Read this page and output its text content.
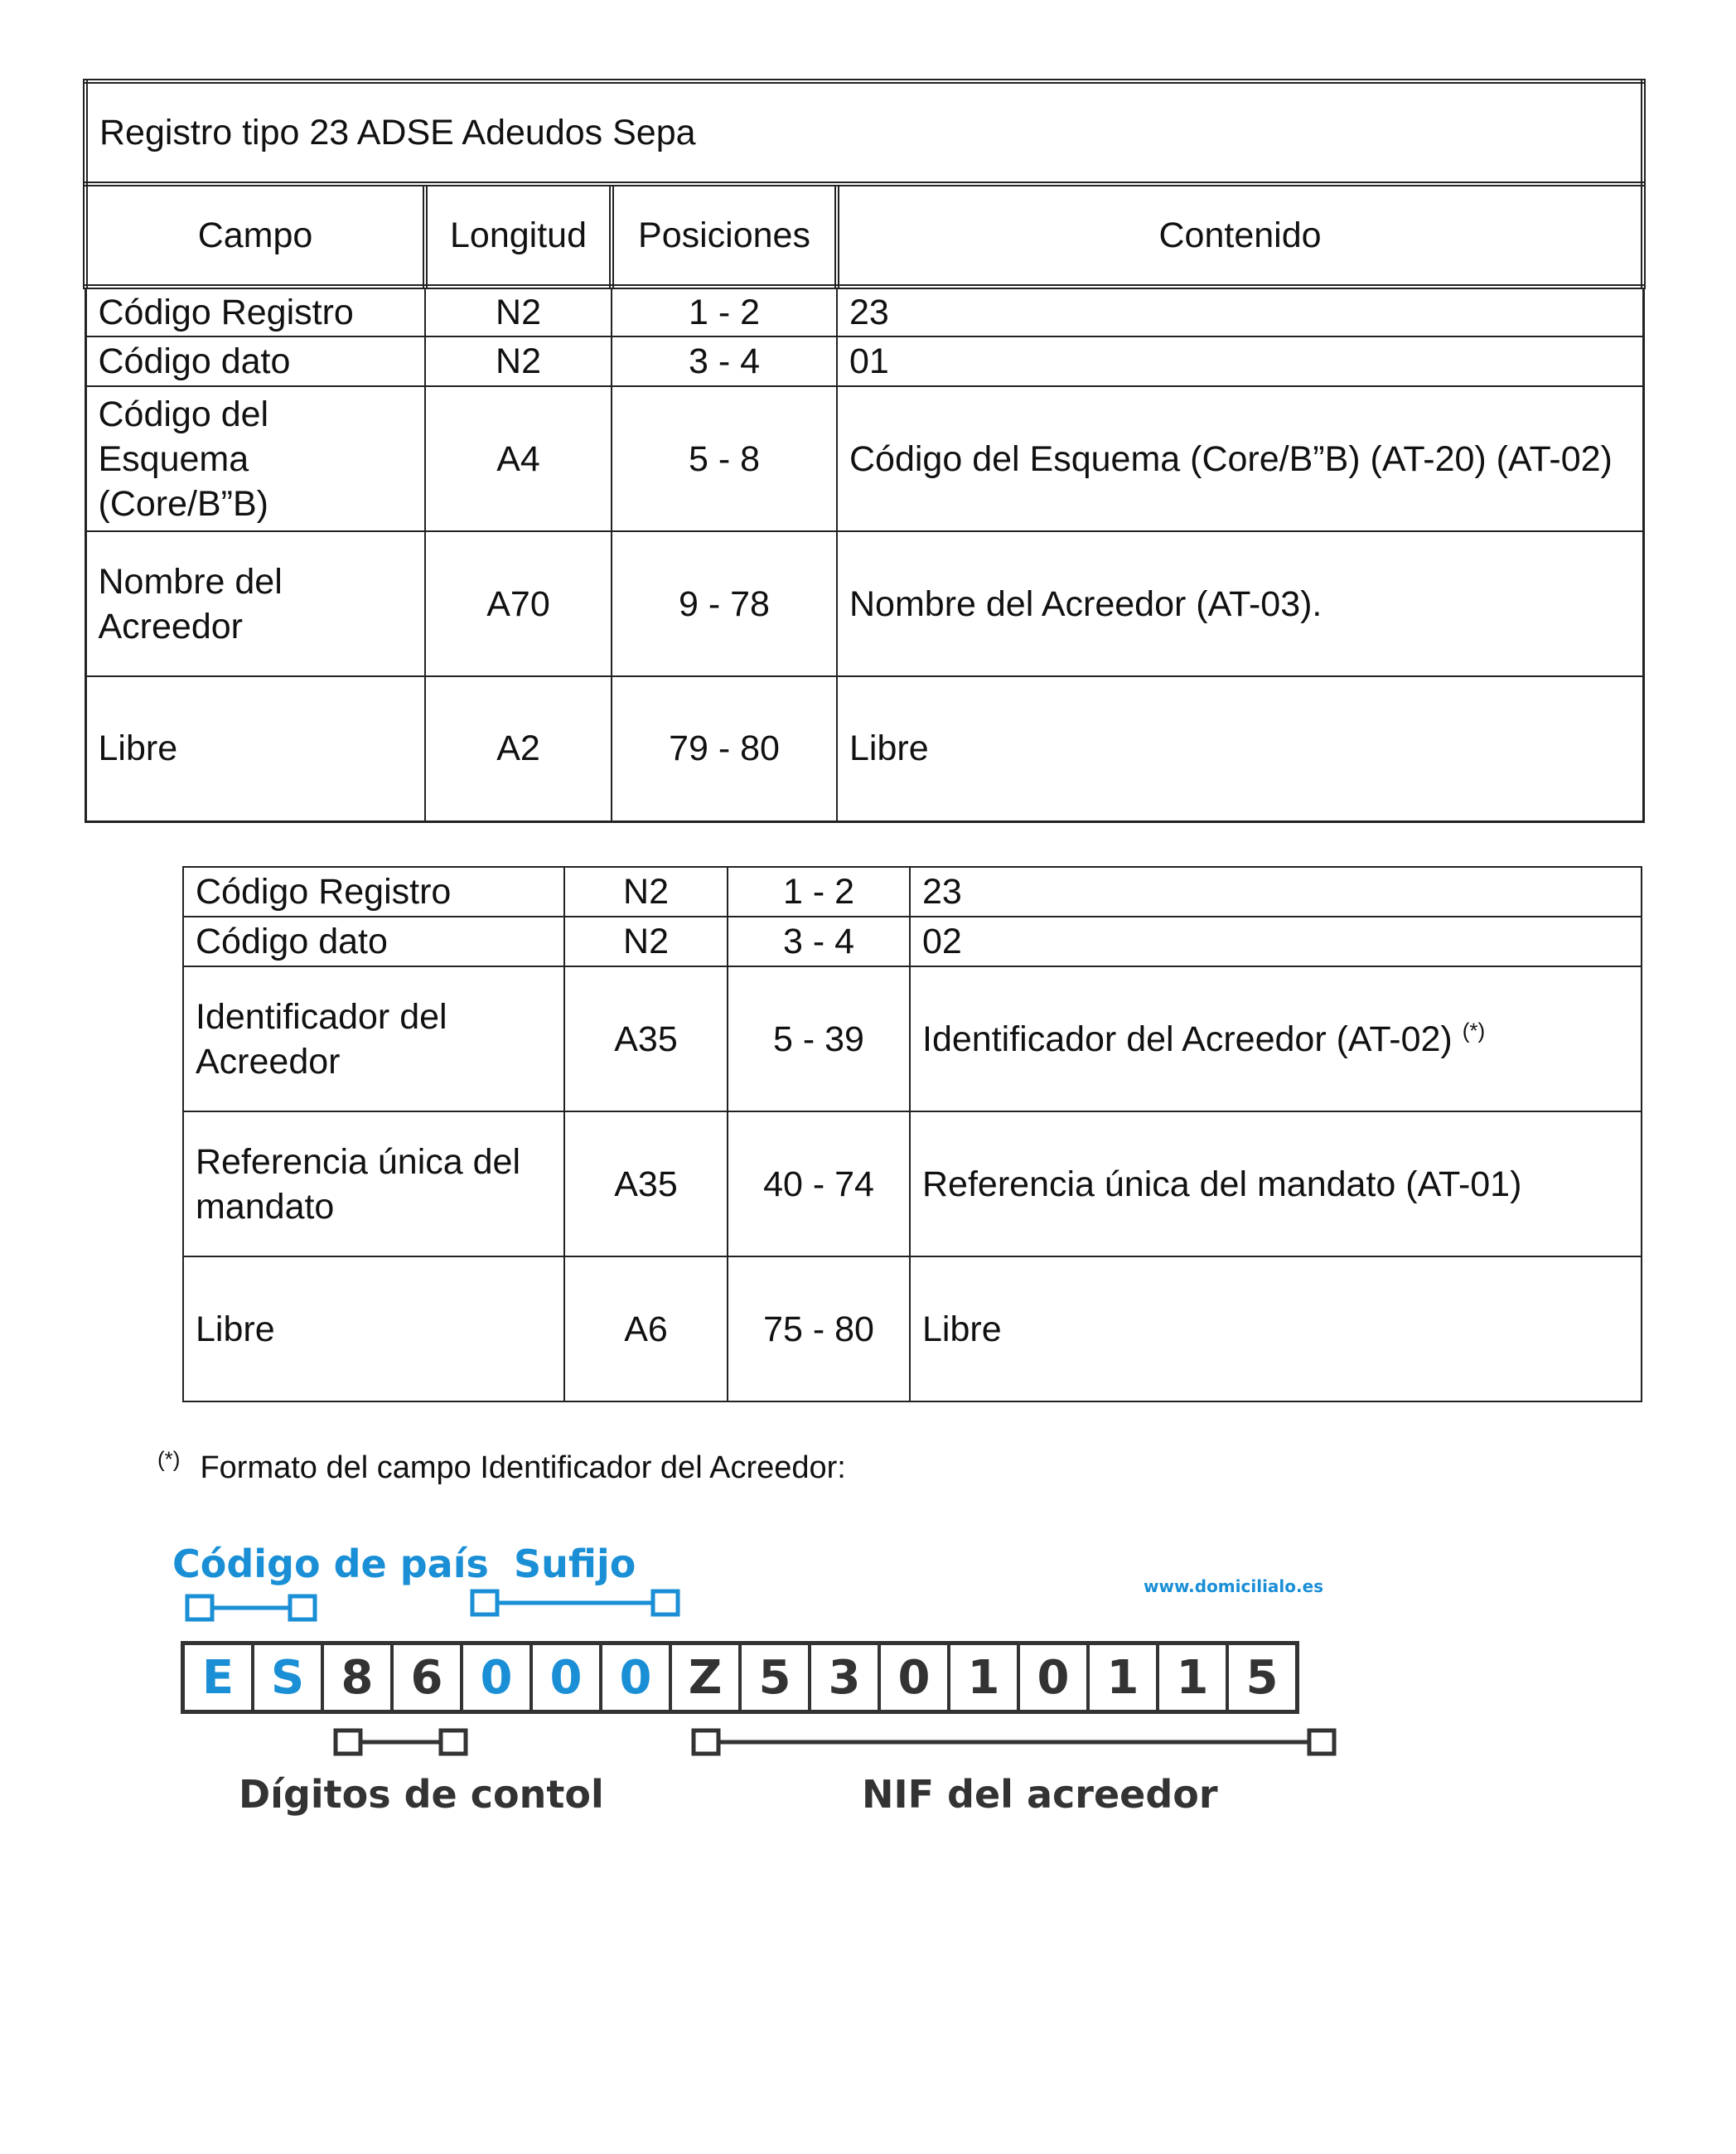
Registro tipo 23 ADSE Adeudos Sepa			
Campo	Longitud	Posiciones	Contenido
Código Registro	N2	1 - 2	23
Código dato	N2	3 - 4	01
Código del Esquema (Core/B”B)	A4	5 - 8	Código del Esquema (Core/B”B) (AT-20) (AT-02)
Nombre del Acreedor	A70	9 - 78	Nombre del Acreedor (AT-03).
Libre	A2	79 - 80	Libre
Código Registro	N2	1 - 2	23
Código dato	N2	3 - 4	02
Identificador del Acreedor	A35	5 - 39	Identificador del Acreedor (AT-02) (*)
Referencia única del mandato	A35	40 - 74	Referencia única del mandato (AT-01)
Libre	A6	75 - 80	Libre
(*) Formato del campo Identificador del Acreedor:
Código de país Sufijo	www.domicilialo.es
E S 8 6 0 0 0 Z 5 3 0 1 0 1 1 5
Dígitos de contol	NIF del acreedor
